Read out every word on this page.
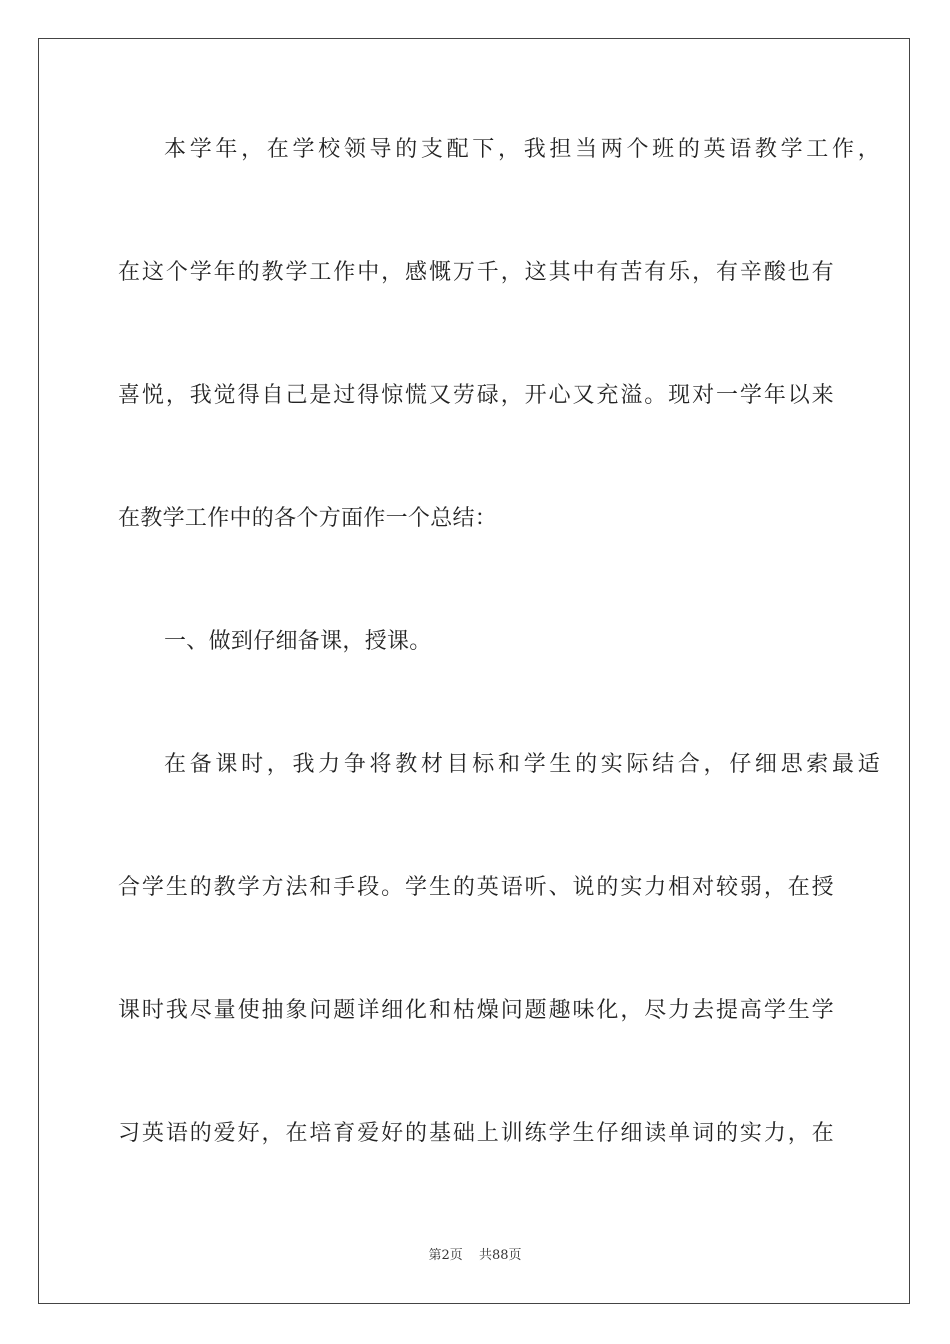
本学年，在学校领导的支配下，我担当两个班的英语教学工作，
在这个学年的教学工作中，感慨万千，这其中有苦有乐，有辛酸也有
喜悦，我觉得自己是过得惊慌又劳碌，开心又充溢。现对一学年以来
在教学工作中的各个方面作一个总结：
一、做到仔细备课，授课。
在备课时，我力争将教材目标和学生的实际结合，仔细思索最适
合学生的教学方法和手段。学生的英语听、说的实力相对较弱，在授
课时我尽量使抽象问题详细化和枯燥问题趣味化，尽力去提高学生学
习英语的爱好，在培育爱好的基础上训练学生仔细读单词的实力，在
第2页 共88页
